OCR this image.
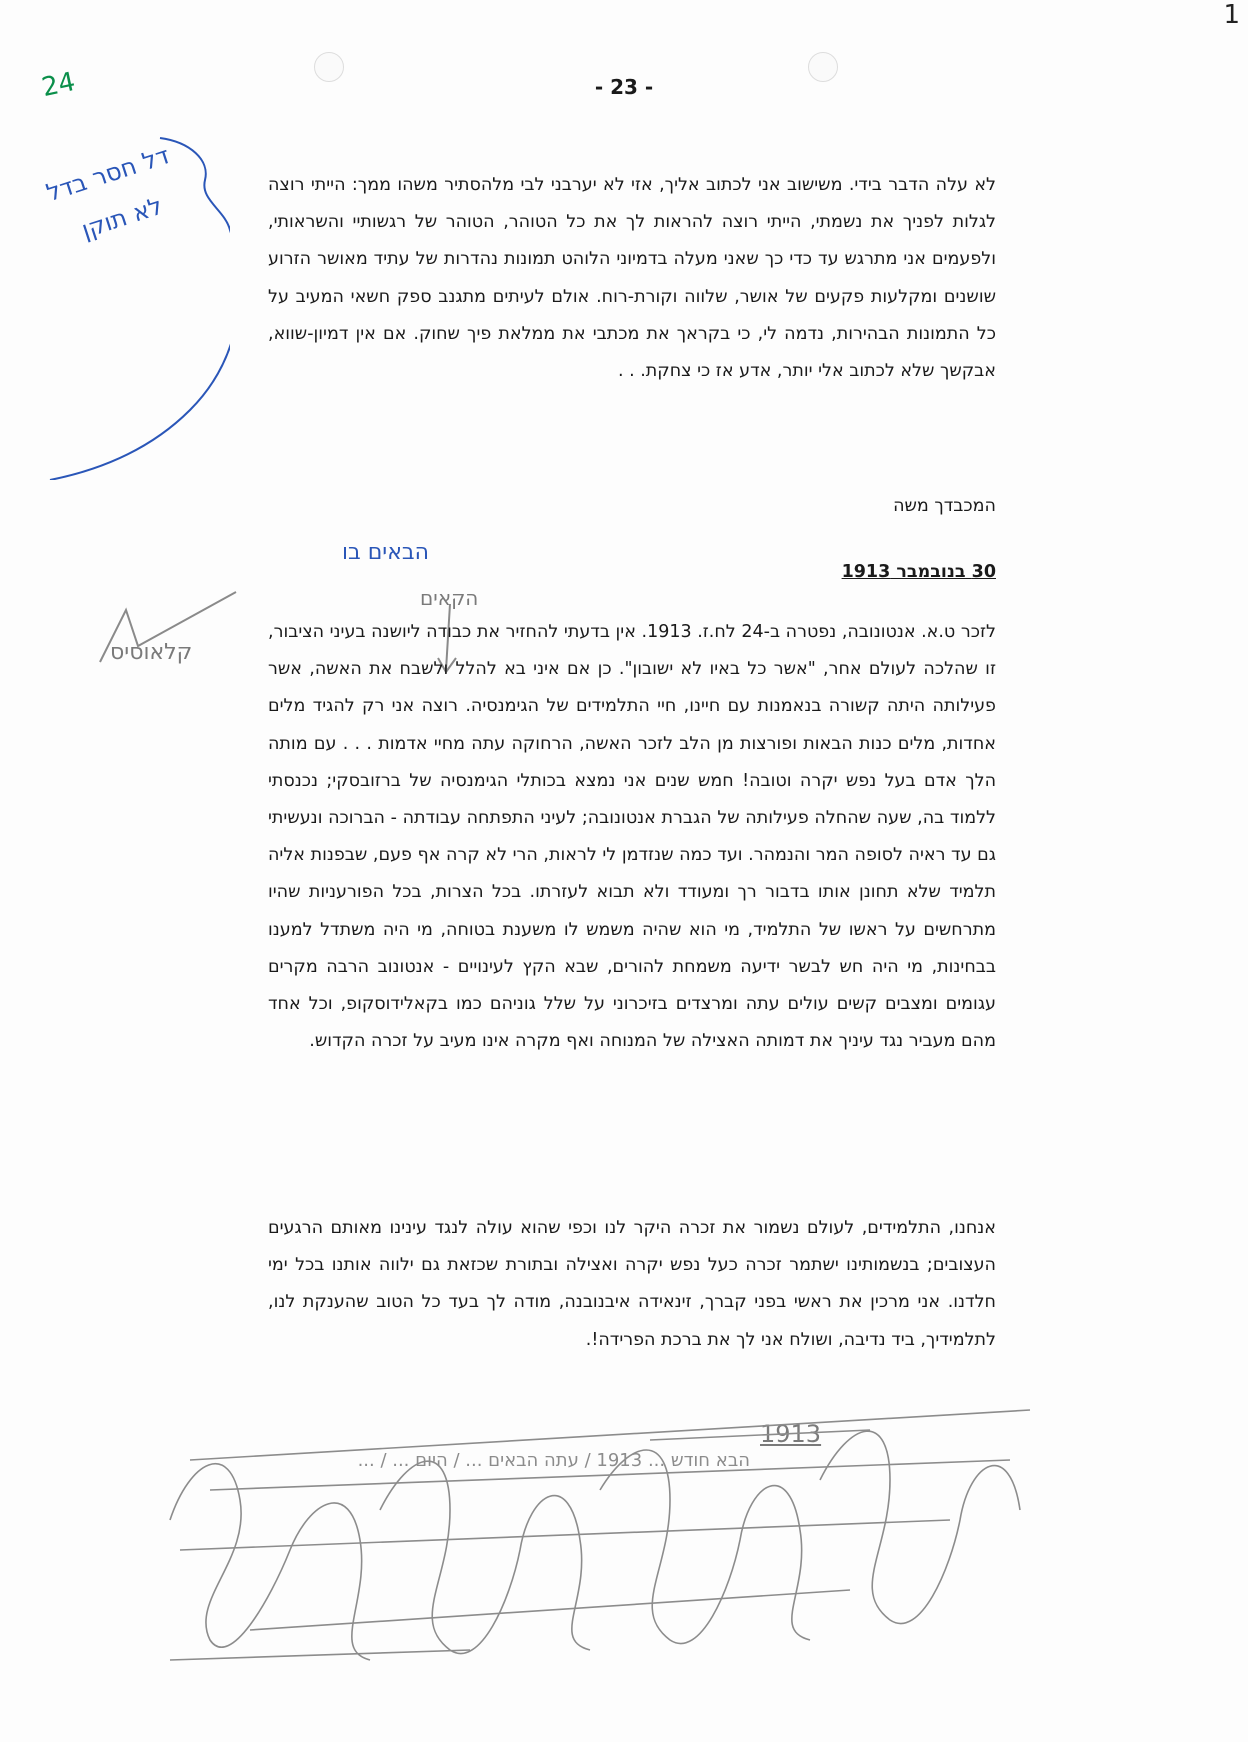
1
24	- 23 -
דל חסר בדל לא תוקן
קלאוסיס

לא עלה הדבר בידי. משישוב אני לכתוב אליך, אזי לא יערבני לבי מלהסתיר משהו ממך: הייתי רוצה לגלות לפניך את נשמתי, הייתי רוצה להראות לך את כל הטוהר, הטוהר של רגשותיי והשראותי, ולפעמים אני מתרגש עד כדי כך שאני מעלה בדמיוני הלוהט תמונות נהדרות של עתיד מאושר הזרוע שושנים ומקלעות פקעים של אושר, שלווה וקורת-רוח. אולם לעיתים מתגנב ספק חשאי המעיב על כל התמונות הבהירות, נדמה לי, כי בקראך את מכתבי את ממלאת פיך שחוק. אם אין דמיון-שווא, אבקשך שלא לכתוב אלי יותר, אדע אז כי צחקת. . .

המכבדך משה
הבאים בו
הקאים
30 בנובמבר 1913

לזכר ט.א. אנטונובה, נפטרה ב-24 לח.ז. 1913. אין בדעתי להחזיר את כבודה ליושנה בעיני הציבור, זו שהלכה לעולם אחר, "אשר כל באיו לא ישובון". כן אם איני בא להלל ולשבח את האשה, אשר פעילותה היתה קשורה בנאמנות עם חיינו, חיי התלמידים של הגימנסיה. רוצה אני רק להגיד מלים אחדות, מלים כנות הבאות ופורצות מן הלב לזכר האשה, הרחוקה עתה מחיי אדמות . . . עם מותה הלך אדם בעל נפש יקרה וטובה! חמש שנים אני נמצא בכותלי הגימנסיה של ברזובסקי; נכנסתי ללמוד בה, שעה שהחלה פעילותה של הגברת אנטונובה; לעיני התפתחה עבודתה - הברוכה ונעשיתי גם עד ראיה לסופה המר והנמהר. ועד כמה שנזדמן לי לראות, הרי לא קרה אף פעם, שבפנות אליה תלמיד שלא תחונן אותו בדבור רך ומעודד ולא תבוא לעזרתו. בכל הצרות, בכל הפורעניות שהיו מתרחשים על ראשו של התלמיד, מי הוא שהיה משמש לו משענת בטוחה, מי היה משתדל למענו בבחינות, מי היה חש לבשר ידיעה משמחת להורים, שבא הקץ לעינויים - אנטונוב הרבה מקרים עגומים ומצבים קשים עולים עתה ומרצדים בזיכרוני על שלל גוניהם כמו בקאלידוסקופ, וכל אחד מהם מעביר נגד עיניך את דמותה האצילה של המנוחה ואף מקרה אינו מעיב על זכרה הקדוש.

אנחנו, התלמידים, לעולם נשמור את זכרה היקר לנו וכפי שהוא עולה לנגד עינינו מאותם הרגעים העצובים; בנשמותינו ישתמר זכרה כעל נפש יקרה ואצילה ובתורת שכזאת גם ילווה אותנו בכל ימי חלדנו. אני מרכין את ראשי בפני קברך, זינאידה איבנובנה, מודה לך בעד כל הטוב שהענקת לנו, לתלמידיך, ביד נדיבה, ושולח אני לך את ברכת הפרידה!.

1913
הבא חודש ... 1913 / עתה הבאים ... / היום ... / ...
